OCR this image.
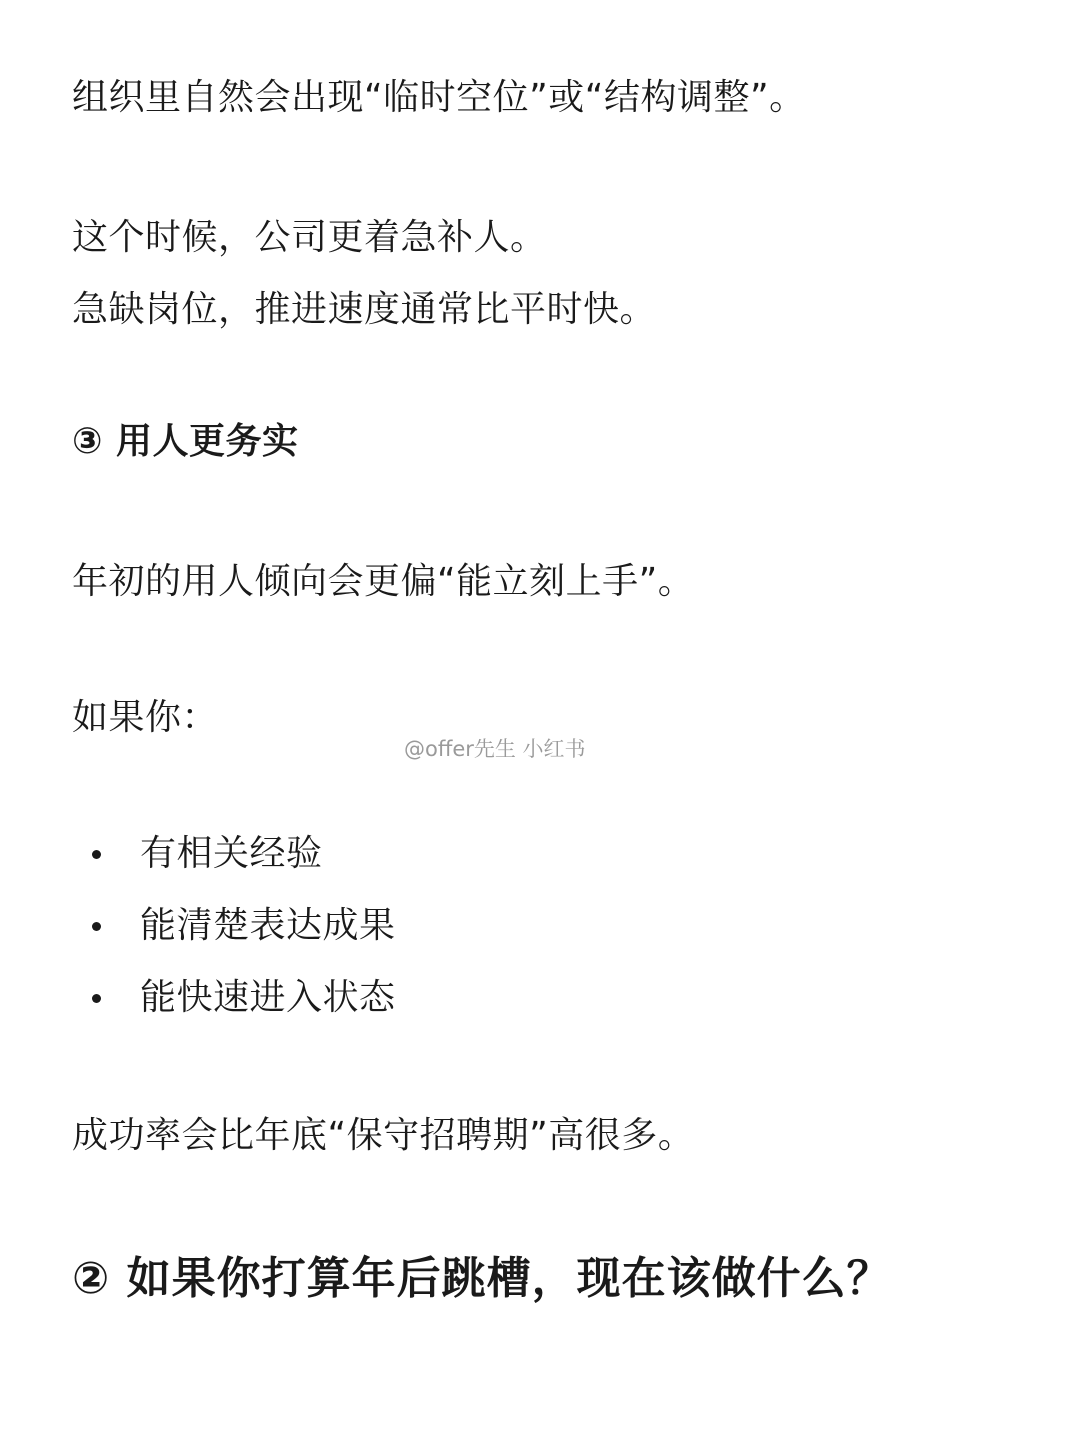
组织里自然会出现“临时空位”或“结构调整”。
这个时候，公司更着急补人。
急缺岗位，推进速度通常比平时快。
③ 用人更务实
年初的用人倾向会更偏“能立刻上手”。
如果你：
@offer先生 小红书
有相关经验
能清楚表达成果
能快速进入状态
成功率会比年底“保守招聘期”高很多。
② 如果你打算年后跳槽，现在该做什么？
